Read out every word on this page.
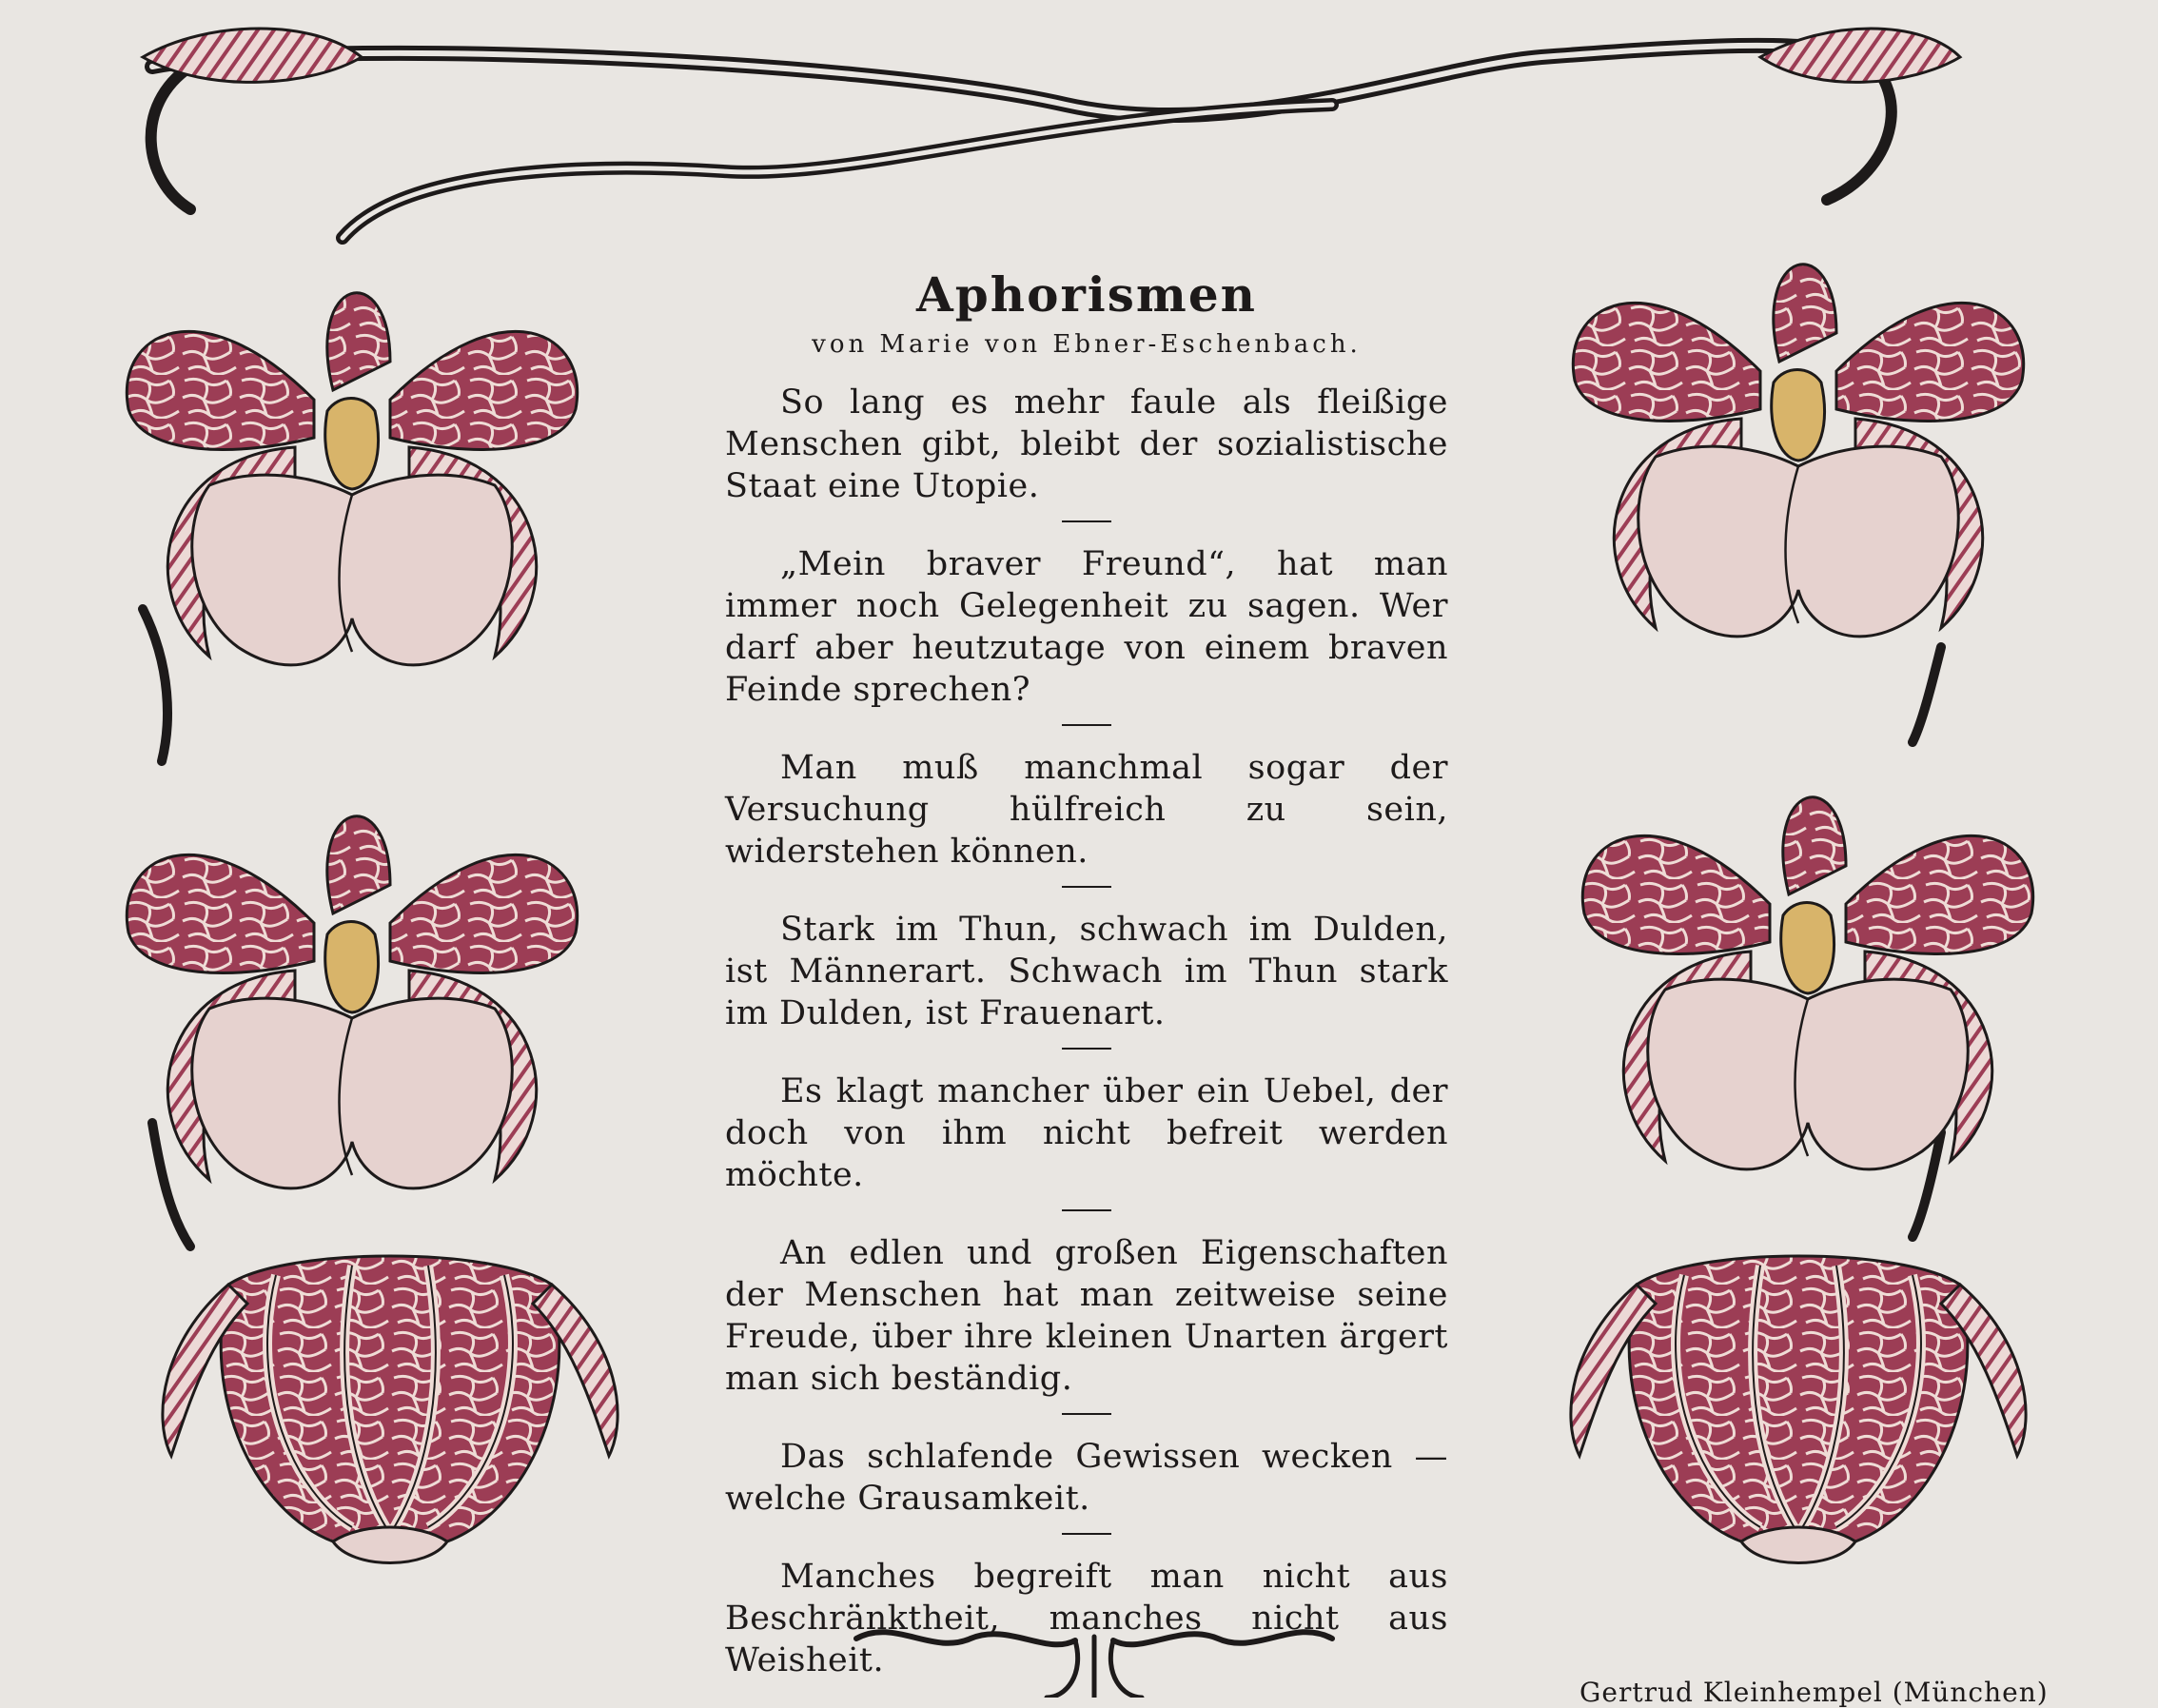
Aphorismen
von Marie von Ebner-Eschenbach.

So lang es mehr faule als fleißige Menschen gibt, bleibt der sozialistische Staat eine Utopie.

„Mein braver Freund“, hat man immer noch Gelegenheit zu sagen. Wer darf aber heutzutage von einem braven Feinde sprechen?

Man muß manchmal sogar der Versuchung hülfreich zu sein, widerstehen können.

Stark im Thun, schwach im Dulden, ist Männerart. Schwach im Thun stark im Dulden, ist Frauenart.

Es klagt mancher über ein Uebel, der doch von ihm nicht befreit werden möchte.

An edlen und großen Eigenschaften der Menschen hat man zeitweise seine Freude, über ihre kleinen Unarten ärgert man sich beständig.

Das schlafende Gewissen wecken — welche Grausamkeit.

Manches begreift man nicht aus Beschränktheit, manches nicht aus Weisheit.

Gertrud Kleinhempel (München)
